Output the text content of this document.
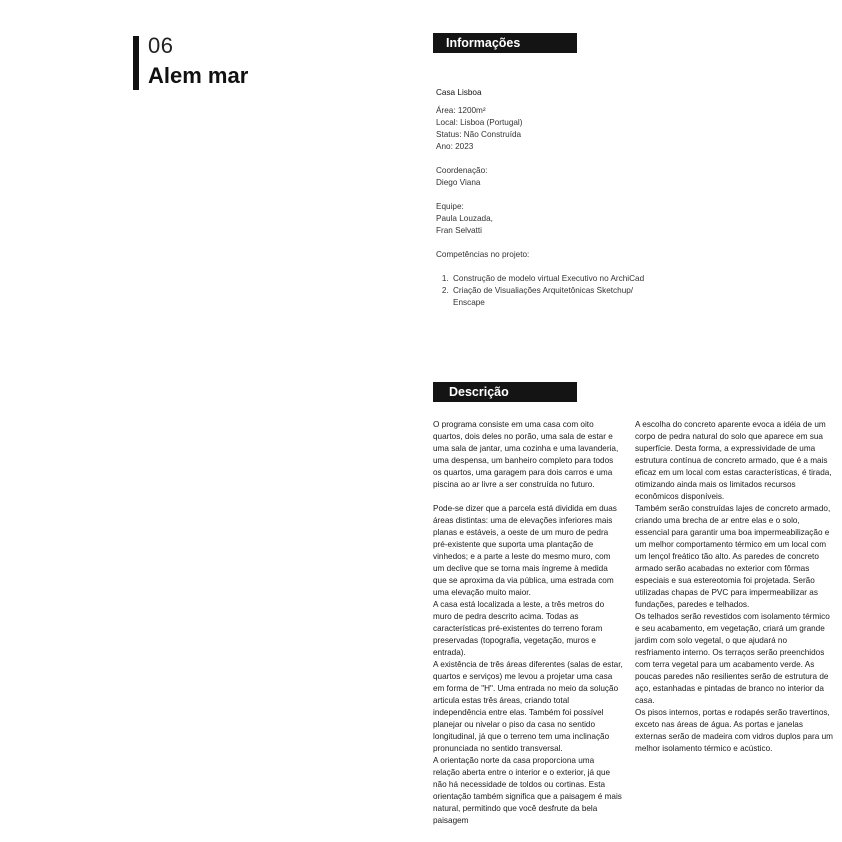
06
Alem mar
Informações
Casa Lisboa
Área: 1200m²
Local: Lisboa (Portugal)
Status: Não Construída
Ano: 2023
Coordenação:
Diego Viana
Equipe:
Paula Louzada,
Fran Selvatti
Competências no projeto:
1. Construção de modelo virtual Executivo no ArchiCad
2. Criação de Visualiações Arquitetônicas Sketchup/ Enscape
Descrição

O programa consiste em uma casa com oito quartos, dois deles no porão, uma sala de estar e uma sala de jantar, uma cozinha e uma lavanderia, uma despensa, um banheiro completo para todos os quartos, uma garagem para dois carros e uma piscina ao ar livre a ser construída no futuro.

Pode-se dizer que a parcela está dividida em duas áreas distintas: uma de elevações inferiores mais planas e estáveis, a oeste de um muro de pedra pré-existente que suporta uma plantação de vinhedos; e a parte a leste do mesmo muro, com um declive que se torna mais íngreme à medida que se aproxima da via pública, uma estrada com uma elevação muito maior.

A casa está localizada a leste, a três metros do muro de pedra descrito acima. Todas as características pré-existentes do terreno foram preservadas (topografia, vegetação, muros e entrada).

A existência de três áreas diferentes (salas de estar, quartos e serviços) me levou a projetar uma casa em forma de "H". Uma entrada no meio da solução articula estas três áreas, criando total independência entre elas. Também foi possível planejar ou nivelar o piso da casa no sentido longitudinal, já que o terreno tem uma inclinação pronunciada no sentido transversal.

A orientação norte da casa proporciona uma relação aberta entre o interior e o exterior, já que não há necessidade de toldos ou cortinas. Esta orientação também significa que a paisagem é mais natural, permitindo que você desfrute da bela paisagem

A escolha do concreto aparente evoca a idéia de um corpo de pedra natural do solo que aparece em sua superfície. Desta forma, a expressividade de uma estrutura contínua de concreto armado, que é a mais eficaz em um local com estas características, é tirada, otimizando ainda mais os limitados recursos econômicos disponíveis.

Também serão construídas lajes de concreto armado, criando uma brecha de ar entre elas e o solo, essencial para garantir uma boa impermeabilização e um melhor comportamento térmico em um local com um lençol freático tão alto. As paredes de concreto armado serão acabadas no exterior com fôrmas especiais e sua estereotomia foi projetada. Serão utilizadas chapas de PVC para impermeabilizar as fundações, paredes e telhados.

Os telhados serão revestidos com isolamento térmico e seu acabamento, em vegetação, criará um grande jardim com solo vegetal, o que ajudará no resfriamento interno. Os terraços serão preenchidos com terra vegetal para um acabamento verde. As poucas paredes não resilientes serão de estrutura de aço, estanhadas e pintadas de branco no interior da casa.

Os pisos internos, portas e rodapés serão travertinos, exceto nas áreas de água. As portas e janelas externas serão de madeira com vidros duplos para um melhor isolamento térmico e acústico.
